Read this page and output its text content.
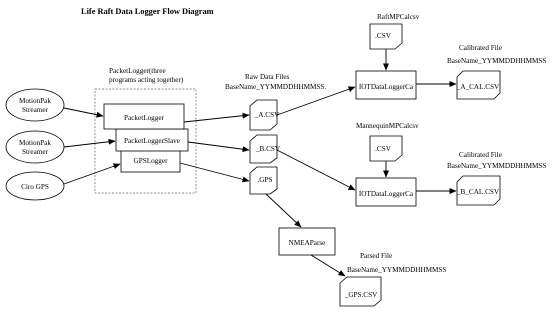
Life Raft Data Logger Flow Diagram
MotionPak
Streamer
MotionPak
Streamer
Ciro GPS
PacketLogger(three
programs acting together)
GPSLogger
PacketLoggerSlave
PacketLogger
Raw Data Files
BaseName_YYMMDDHHMMSS.
_A.CSV
_B.CSV
.GPS
RaftMPCalcsv
.CSV
IOTDataLoggerCa
Calibrated File
BaseName_YYMMDDHHMMSS
_A_CAL.CSV
MannequinMPCalcsv
.CSV
IOTDataLoggerCa
Calibrated File
BaseName_YYMMDDHHMMSS
_B_CAL.CSV
NMEAParse
Parsed File
BaseName_YYMMDDHHMMSS
_GPS.CSV
